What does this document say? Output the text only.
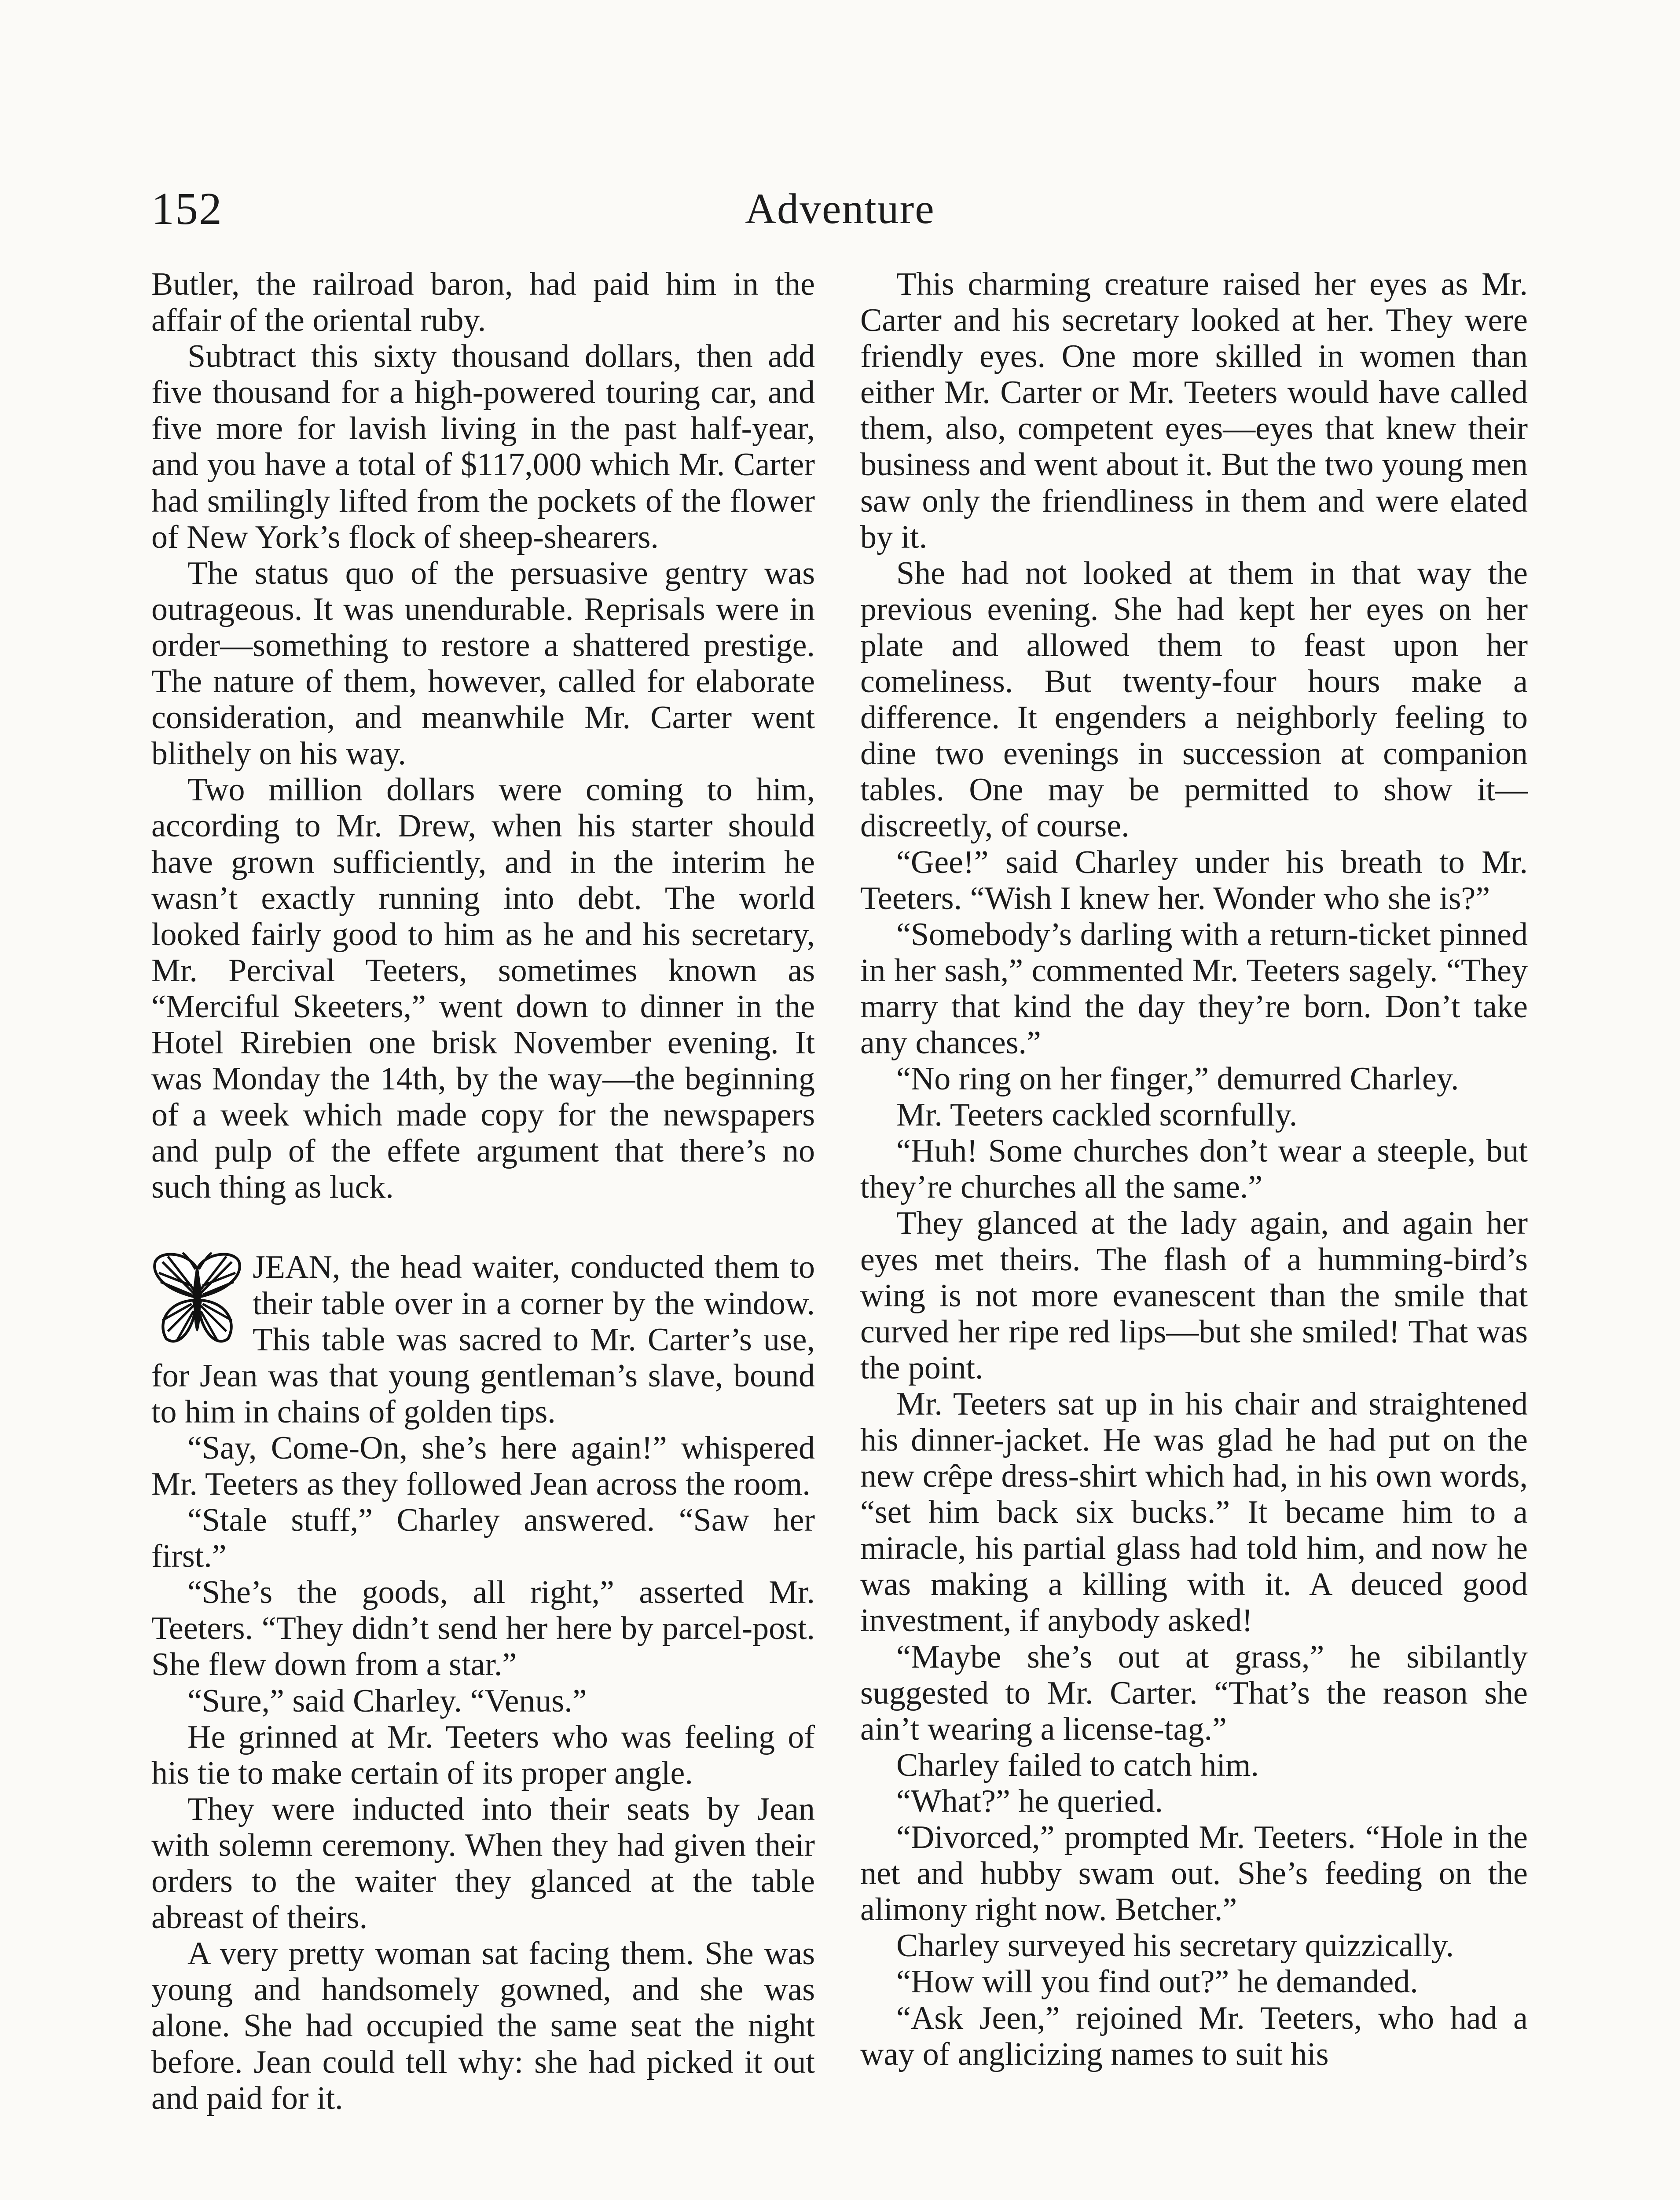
152	Adventure

Butler, the railroad baron, had paid him in the affair of the oriental ruby.

Subtract this sixty thousand dollars, then add five thousand for a high-powered touring car, and five more for lavish living in the past half-year, and you have a total of $117,000 which Mr. Carter had smilingly lifted from the pockets of the flower of New York’s flock of sheep-shearers.

The status quo of the persuasive gentry was outrageous. It was unendurable. Reprisals were in order—something to restore a shattered prestige. The nature of them, however, called for elaborate consideration, and meanwhile Mr. Carter went blithely on his way.

Two million dollars were coming to him, according to Mr. Drew, when his starter should have grown sufficiently, and in the interim he wasn’t exactly running into debt. The world looked fairly good to him as he and his secretary, Mr. Percival Teeters, sometimes known as “Merciful Skeeters,” went down to dinner in the Hotel Rirebien one brisk November evening. It was Monday the 14th, by the way—the beginning of a week which made copy for the newspapers and pulp of the effete argument that there’s no such thing as luck.

JEAN, the head waiter, conducted them to their table over in a corner by the window. This table was sacred to Mr. Carter’s use, for Jean was that young gentleman’s slave, bound to him in chains of golden tips.

“Say, Come-On, she’s here again!” whispered Mr. Teeters as they followed Jean across the room.

“Stale stuff,” Charley answered. “Saw her first.”

“She’s the goods, all right,” asserted Mr. Teeters. “They didn’t send her here by parcel-post. She flew down from a star.”

“Sure,” said Charley. “Venus.”

He grinned at Mr. Teeters who was feeling of his tie to make certain of its proper angle.

They were inducted into their seats by Jean with solemn ceremony. When they had given their orders to the waiter they glanced at the table abreast of theirs.

A very pretty woman sat facing them. She was young and handsomely gowned, and she was alone. She had occupied the same seat the night before. Jean could tell why: she had picked it out and paid for it.

This charming creature raised her eyes as Mr. Carter and his secretary looked at her. They were friendly eyes. One more skilled in women than either Mr. Carter or Mr. Teeters would have called them, also, competent eyes—eyes that knew their business and went about it. But the two young men saw only the friendliness in them and were elated by it.

She had not looked at them in that way the previous evening. She had kept her eyes on her plate and allowed them to feast upon her comeliness. But twenty-four hours make a difference. It engenders a neighborly feeling to dine two evenings in succession at companion tables. One may be permitted to show it—discreetly, of course.

“Gee!” said Charley under his breath to Mr. Teeters. “Wish I knew her. Wonder who she is?”

“Somebody’s darling with a return-ticket pinned in her sash,” commented Mr. Teeters sagely. “They marry that kind the day they’re born. Don’t take any chances.”

“No ring on her finger,” demurred Charley.

Mr. Teeters cackled scornfully.

“Huh! Some churches don’t wear a steeple, but they’re churches all the same.”

They glanced at the lady again, and again her eyes met theirs. The flash of a humming-bird’s wing is not more evanescent than the smile that curved her ripe red lips—but she smiled! That was the point.

Mr. Teeters sat up in his chair and straightened his dinner-jacket. He was glad he had put on the new crêpe dress-shirt which had, in his own words, “set him back six bucks.” It became him to a miracle, his partial glass had told him, and now he was making a killing with it. A deuced good investment, if anybody asked!

“Maybe she’s out at grass,” he sibilantly suggested to Mr. Carter. “That’s the reason she ain’t wearing a license-tag.”

Charley failed to catch him.

“What?” he queried.

“Divorced,” prompted Mr. Teeters. “Hole in the net and hubby swam out. She’s feeding on the alimony right now. Betcher.”

Charley surveyed his secretary quizzically.

“How will you find out?” he demanded.

“Ask Jeen,” rejoined Mr. Teeters, who had a way of anglicizing names to suit his
